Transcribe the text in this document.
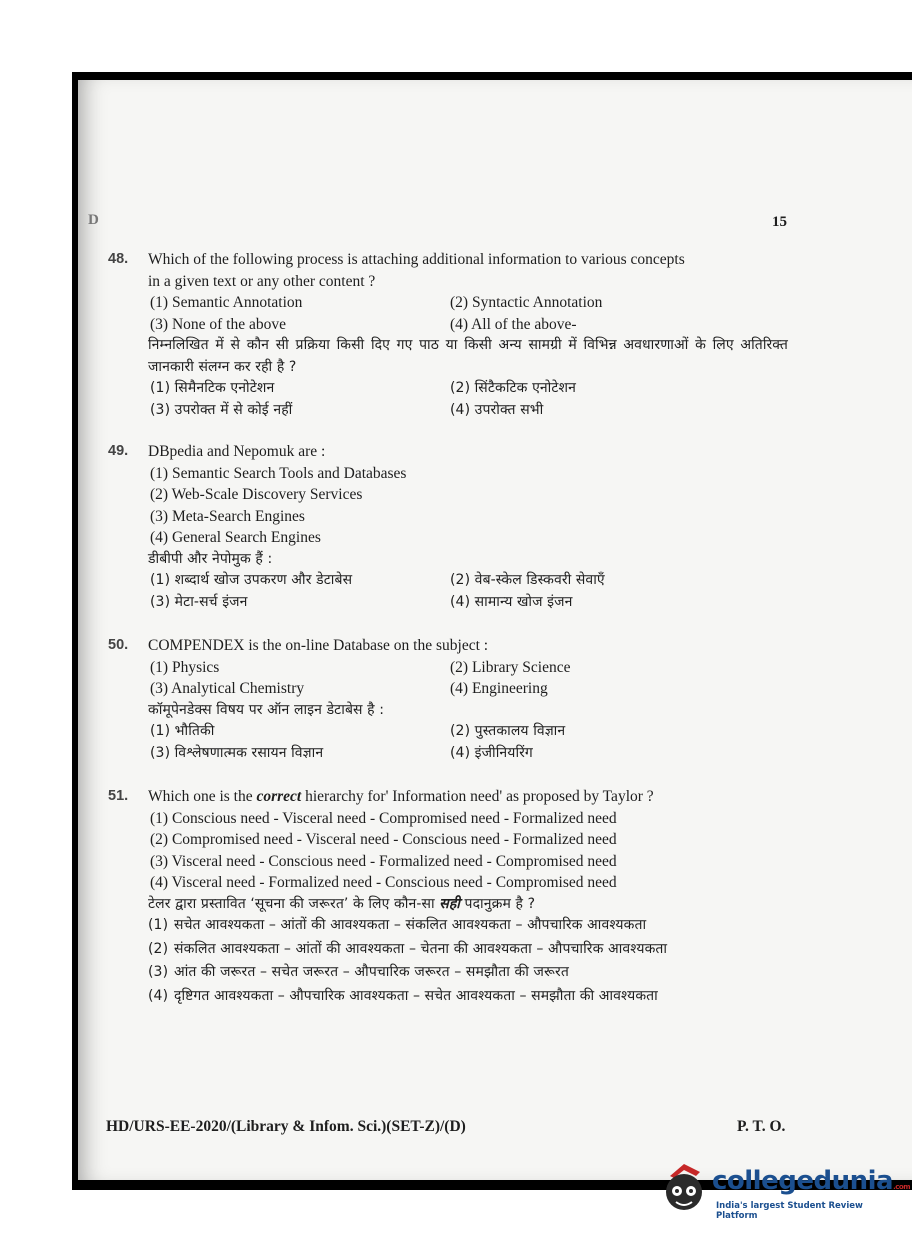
D	15
48.	Which of the following process is attaching additional information to various concepts
in a given text or any other content ?
(1) Semantic Annotation	(2) Syntactic Annotation
(3) None of the above	(4) All of the above-
निम्नलिखित में से कौन सी प्रक्रिया किसी दिए गए पाठ या किसी अन्य सामग्री में विभिन्न अवधारणाओं के लिए अतिरिक्त जानकारी संलग्न कर रही है ?
(1) सिमैनटिक एनोटेशन	(2) सिंटैकटिक एनोटेशन
(3) उपरोक्त में से कोई नहीं	(4) उपरोक्त सभी
49.	DBpedia and Nepomuk are :
(1) Semantic Search Tools and Databases
(2) Web-Scale Discovery Services
(3) Meta-Search Engines
(4) General Search Engines
डीबीपी और नेपोमुक हैं :
(1) शब्दार्थ खोज उपकरण और डेटाबेस	(2) वेब-स्केल डिस्कवरी सेवाएँ
(3) मेटा-सर्च इंजन	(4) सामान्य खोज इंजन
50.	COMPENDEX is the on-line Database on the subject :
(1) Physics	(2) Library Science
(3) Analytical Chemistry	(4) Engineering
कॉमूपेनडेक्स विषय पर ऑन लाइन डेटाबेस है :
(1) भौतिकी	(2) पुस्तकालय विज्ञान
(3) विश्लेषणात्मक रसायन विज्ञान	(4) इंजीनियरिंग
51.	Which one is the correct hierarchy for' Information need' as proposed by Taylor ?
(1) Conscious need - Visceral need - Compromised need - Formalized need
(2) Compromised need - Visceral need - Conscious need - Formalized need
(3) Visceral need - Conscious need - Formalized need - Compromised need
(4) Visceral need - Formalized need - Conscious need - Compromised need
टेलर द्वारा प्रस्तावित ‘सूचना की जरूरत’ के लिए कौन-सा सही पदानुक्रम है ?
(1) सचेत आवश्यकता – आंतों की आवश्यकता – संकलित आवश्यकता – औपचारिक आवश्यकता
(2) संकलित आवश्यकता – आंतों की आवश्यकता – चेतना की आवश्यकता – औपचारिक आवश्यकता
(3) आंत की जरूरत – सचेत जरूरत – औपचारिक जरूरत – समझौता की जरूरत
(4) दृष्टिगत आवश्यकता – औपचारिक आवश्यकता – सचेत आवश्यकता – समझौता की आवश्यकता
HD/URS-EE-2020/(Library & Infom. Sci.)(SET-Z)/(D)	P. T. O.
collegedunia.com
India's largest Student Review Platform
